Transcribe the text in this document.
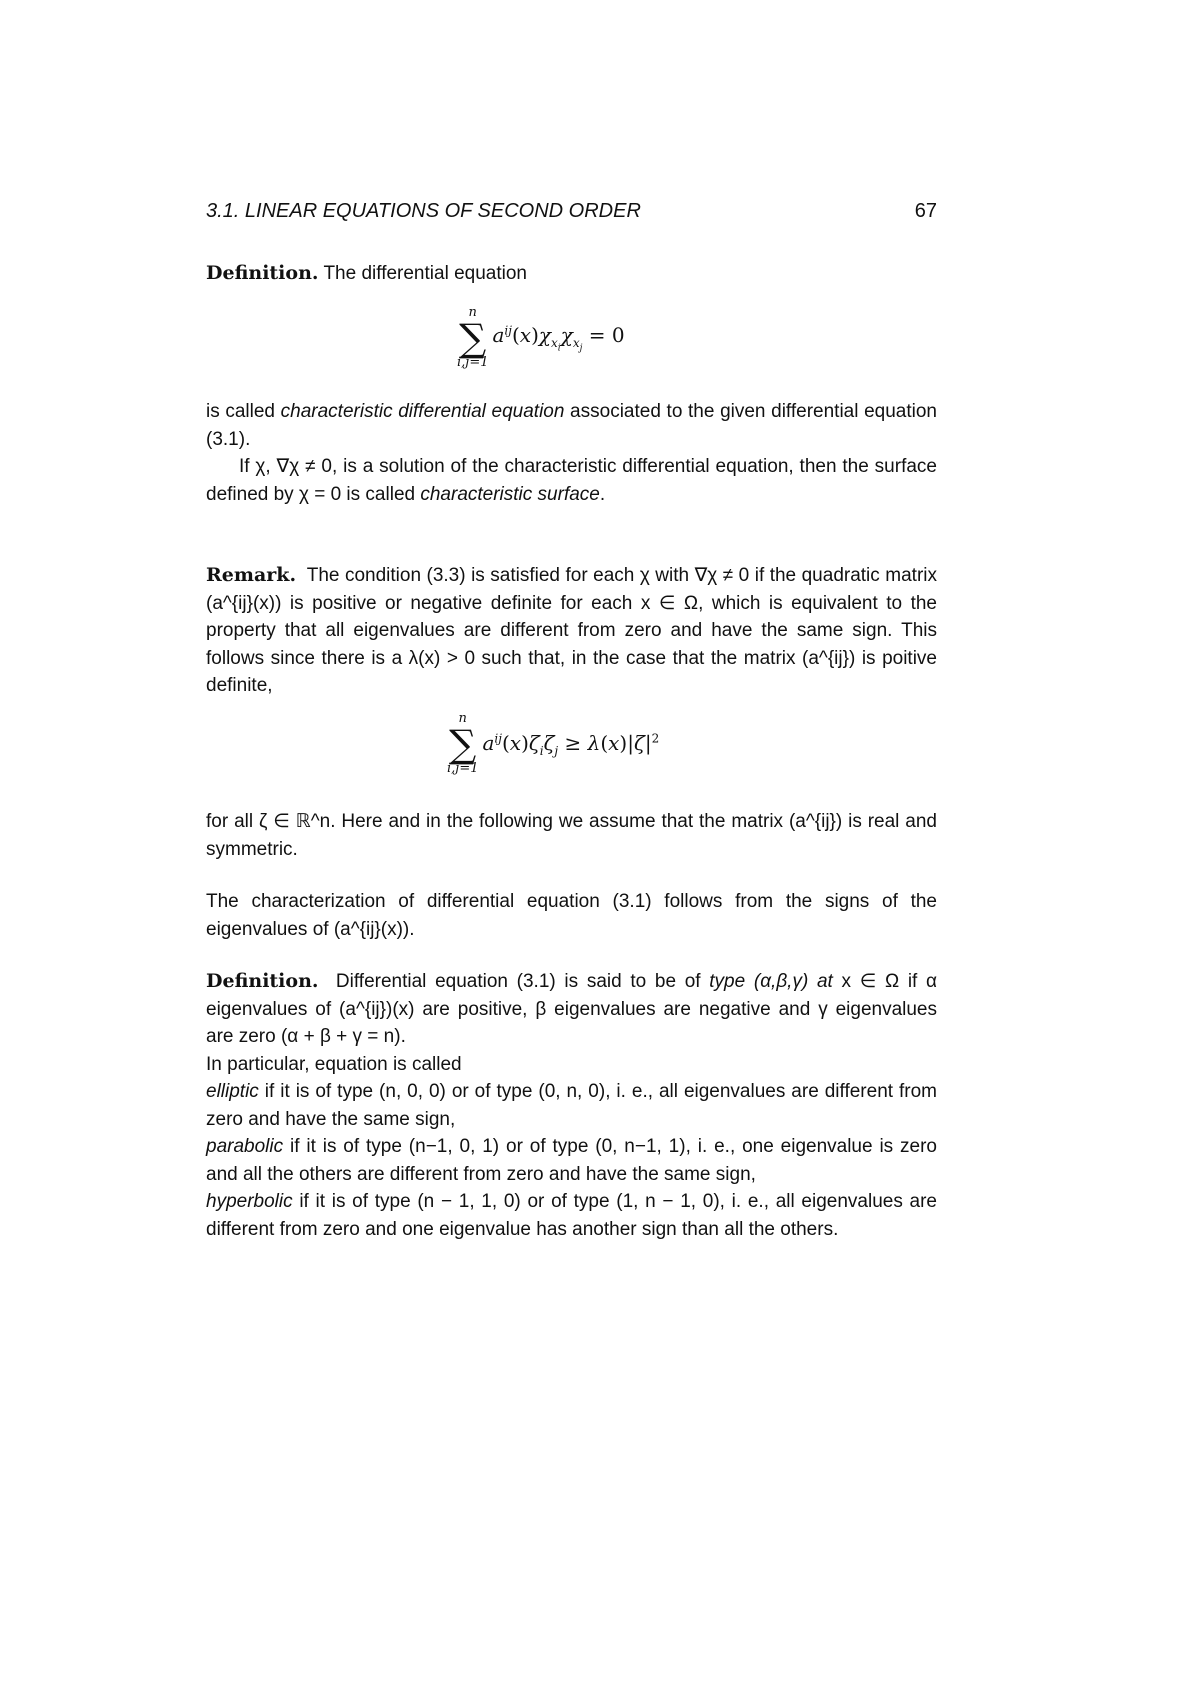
3.1. LINEAR EQUATIONS OF SECOND ORDER	67

Definition. The differential equation

n
∑
i,j=1
$a^{ij}(x)\chi_{x_i}\chi_{x_j} = 0$

is called characteristic differential equation associated to the given differential equation (3.1).

If χ, ∇χ ≠ 0, is a solution of the characteristic differential equation, then the surface defined by χ = 0 is called characteristic surface.

Remark. The condition (3.3) is satisfied for each χ with ∇χ ≠ 0 if the quadratic matrix (a^{ij}(x)) is positive or negative definite for each x ∈ Ω, which is equivalent to the property that all eigenvalues are different from zero and have the same sign. This follows since there is a λ(x) > 0 such that, in the case that the matrix (a^{ij}) is poitive definite,

n
∑
i,j=1
$a^{ij}(x)\zeta_i\zeta_j \ge \lambda(x)|\zeta|^2$

for all ζ ∈ ℝ^n. Here and in the following we assume that the matrix (a^{ij}) is real and symmetric.

The characterization of differential equation (3.1) follows from the signs of the eigenvalues of (a^{ij}(x)).

Definition. Differential equation (3.1) is said to be of type (α,β,γ) at x ∈ Ω if α eigenvalues of (a^{ij})(x) are positive, β eigenvalues are negative and γ eigenvalues are zero (α + β + γ = n).

In particular, equation is called

elliptic if it is of type (n, 0, 0) or of type (0, n, 0), i. e., all eigenvalues are different from zero and have the same sign,

parabolic if it is of type (n−1, 0, 1) or of type (0, n−1, 1), i. e., one eigenvalue is zero and all the others are different from zero and have the same sign,

hyperbolic if it is of type (n − 1, 1, 0) or of type (1, n − 1, 0), i. e., all eigenvalues are different from zero and one eigenvalue has another sign than all the others.
